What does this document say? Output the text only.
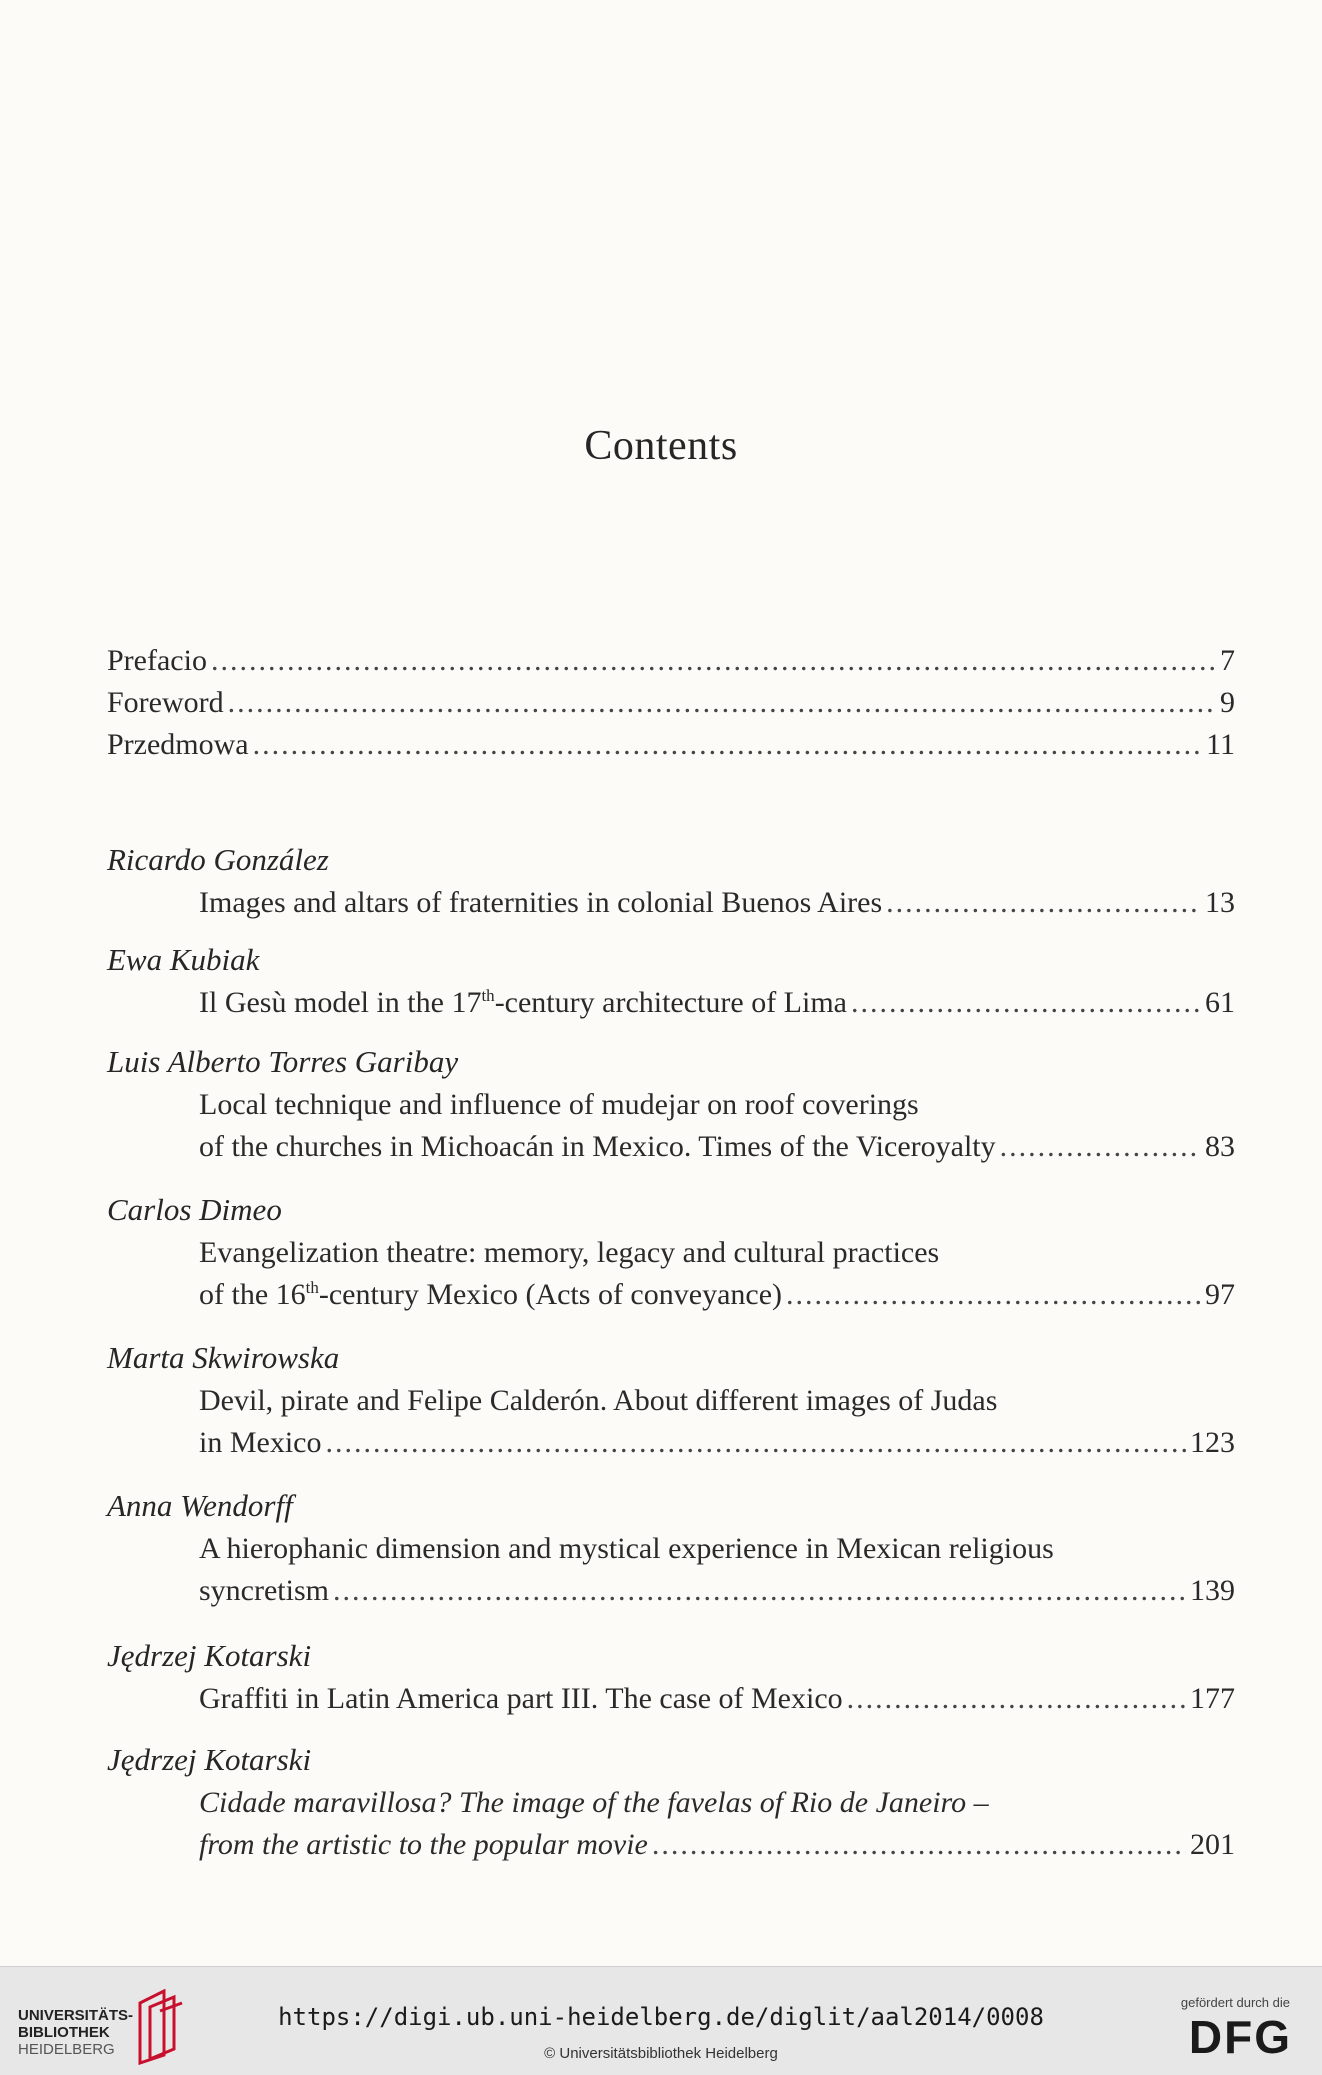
Contents
Prefacio .....	7
Foreword .....	9
Przedmowa .....	11
Ricardo González
Images and altars of fraternities in colonial Buenos Aires .....	13
Ewa Kubiak
Il Gesù model in the 17th-century architecture of Lima .....	61
Luis Alberto Torres Garibay
Local technique and influence of mudejar on roof coverings
of the churches in Michoacán in Mexico. Times of the Viceroyalty .....	83
Carlos Dimeo
Evangelization theatre: memory, legacy and cultural practices
of the 16th-century Mexico (Acts of conveyance) .....	97
Marta Skwirowska
Devil, pirate and Felipe Calderón. About different images of Judas
in Mexico .....	123
Anna Wendorff
A hierophanic dimension and mystical experience in Mexican religious
syncretism .....	139
Jędrzej Kotarski
Graffiti in Latin America part III. The case of Mexico .....	177
Jędrzej Kotarski
Cidade maravillosa? The image of the favelas of Rio de Janeiro –
from the artistic to the popular movie .....	201
UNIVERSITÄTS-
BIBLIOTHEK
HEIDELBERG
https://digi.ub.uni-heidelberg.de/diglit/aal2014/0008
© Universitätsbibliothek Heidelberg
gefördert durch die
DFG
